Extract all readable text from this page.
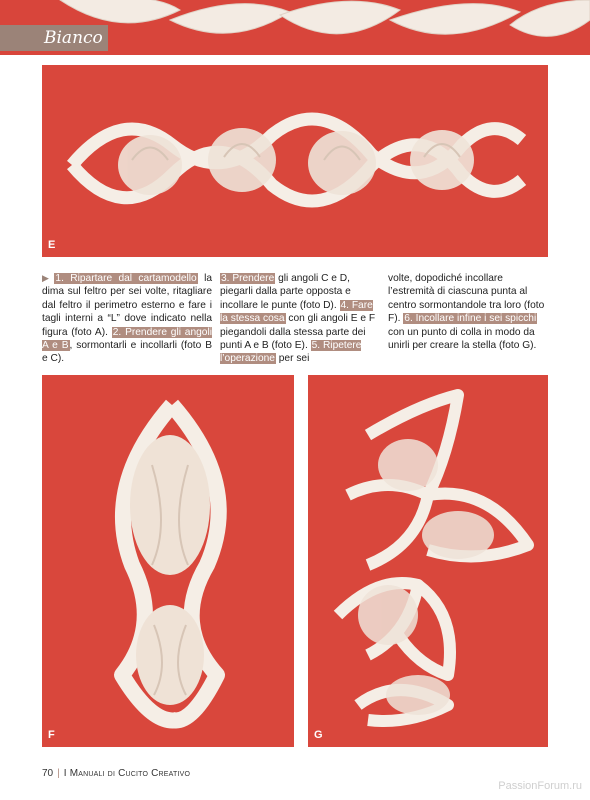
Bianco
E

▶ 1. Ripartare dal cartamodello la dima sul feltro per sei volte, ritagliare dal feltro il perimetro esterno e fare i tagli interni a “L” dove indicato nella figura (foto A). 2. Prendere gli angoli A e B, sormontarli e incollarli (foto B e C).

3. Prendere gli angoli C e D, piegarli dalla parte opposta e incollare le punte (foto D). 4. Fare la stessa cosa con gli angoli E e F piegandoli dalla stessa parte dei punti A e B (foto E). 5. Ripetere l’operazione per sei

volte, dopodiché incollare l’estremità di ciascuna punta al centro sormontandole tra loro (foto F). 6. Incollare infine i sei spicchi con un punto di colla in modo da unirli per creare la stella (foto G).

F	G
70 | I Manuali di Cucito Creativo
PassionForum.ru
